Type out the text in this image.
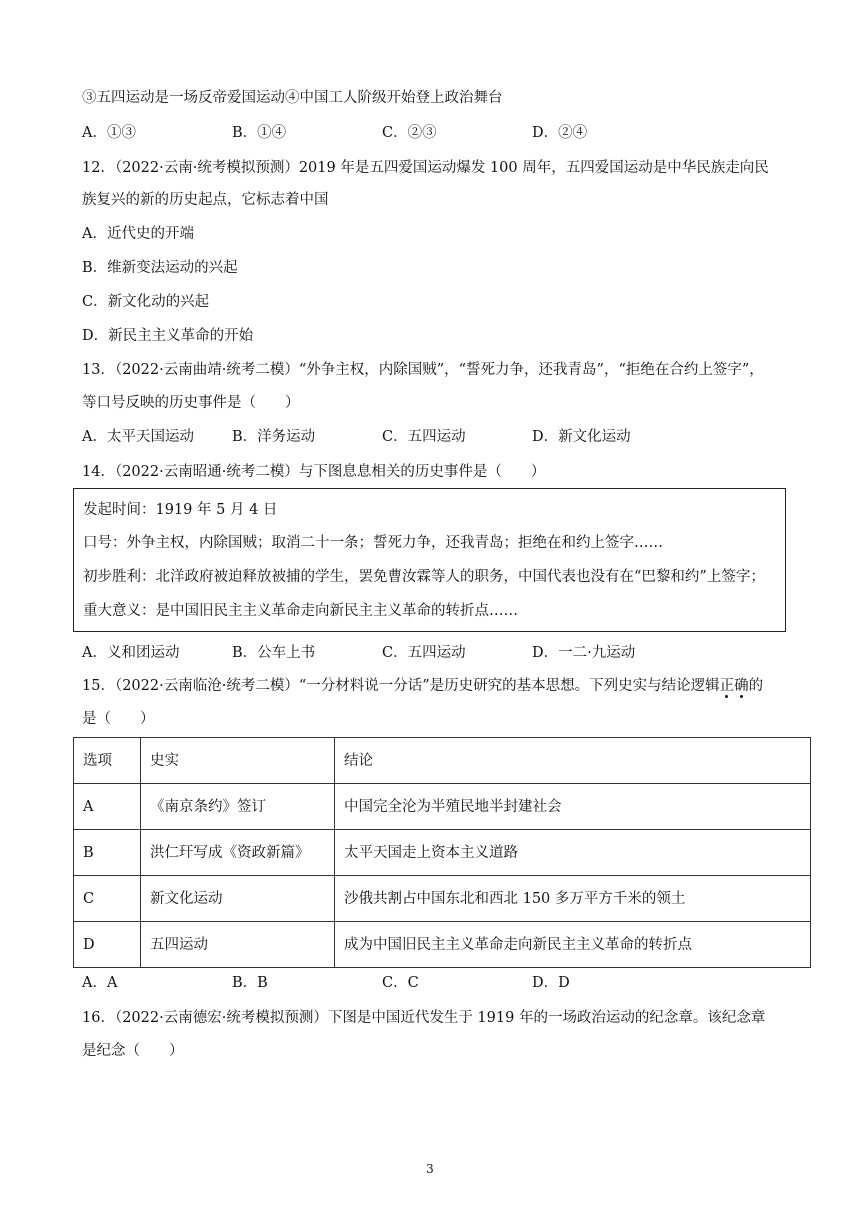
③五四运动是一场反帝爱国运动④中国工人阶级开始登上政治舞台
A．①③	B．①④	C．②③	D．②④
12．（2022·云南·统考模拟预测）2019 年是五四爱国运动爆发 100 周年，五四爱国运动是中华民族走向民
族复兴的新的历史起点，它标志着中国
A．近代史的开端
B．维新变法运动的兴起
C．新文化动的兴起
D．新民主主义革命的开始
13．（2022·云南曲靖·统考二模）“外争主权，内除国贼”，“誓死力争，还我青岛”，“拒绝在合约上签字”，
等口号反映的历史事件是（　　）
A．太平天国运动	B．洋务运动	C．五四运动	D．新文化运动
14．（2022·云南昭通·统考二模）与下图息息相关的历史事件是（　　）
发起时间：1919 年 5 月 4 日
口号：外争主权，内除国贼；取消二十一条；誓死力争，还我青岛；拒绝在和约上签字……
初步胜利：北洋政府被迫释放被捕的学生，罢免曹汝霖等人的职务，中国代表也没有在“巴黎和约”上签字；
重大意义：是中国旧民主主义革命走向新民主主义革命的转折点……
A．义和团运动	B．公车上书	C．五四运动	D．一二·九运动
15．（2022·云南临沧·统考二模）“一分材料说一分话”是历史研究的基本思想。下列史实与结论逻辑正确的
是（　　）
选项	史实	结论
A	《南京条约》签订	中国完全沦为半殖民地半封建社会
B	洪仁玕写成《资政新篇》	太平天国走上资本主义道路
C	新文化运动	沙俄共割占中国东北和西北 150 多万平方千米的领土
D	五四运动	成为中国旧民主主义革命走向新民主主义革命的转折点
A．A	B．B	C．C	D．D
16．（2022·云南德宏·统考模拟预测）下图是中国近代发生于 1919 年的一场政治运动的纪念章。该纪念章
是纪念（　　）
3
